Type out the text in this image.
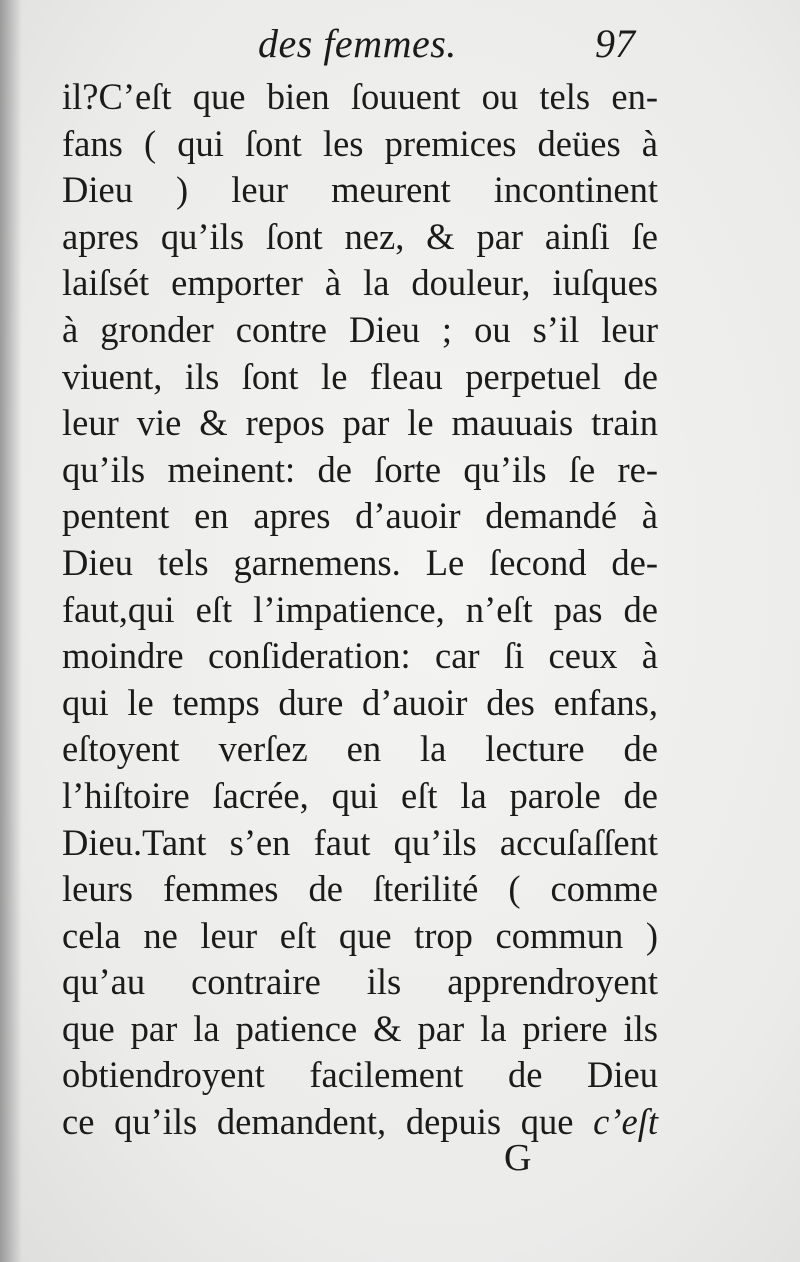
des femmes.	97
il?C’eſt que bien ſouuent ou tels en-
fans ( qui ſont les premices deües à
Dieu ) leur meurent incontinent
apres qu’ils ſont nez, & par ainſi ſe
laiſsét emporter à la douleur, iuſques
à gronder contre Dieu ; ou s’il leur
viuent, ils ſont le fleau perpetuel de
leur vie & repos par le mauuais train
qu’ils meinent: de ſorte qu’ils ſe re-
pentent en apres d’auoir demandé à
Dieu tels garnemens. Le ſecond de-
faut,qui eſt l’impatience, n’eſt pas de
moindre conſideration: car ſi ceux à
qui le temps dure d’auoir des enfans,
eſtoyent verſez en la lecture de
l’hiſtoire ſacrée, qui eſt la parole de
Dieu.Tant s’en faut qu’ils accuſaſſent
leurs femmes de ſterilité ( comme
cela ne leur eſt que trop commun )
qu’au contraire ils apprendroyent
que par la patience & par la priere ils
obtiendroyent facilement de Dieu
ce qu’ils demandent, depuis que c’eſt
G
